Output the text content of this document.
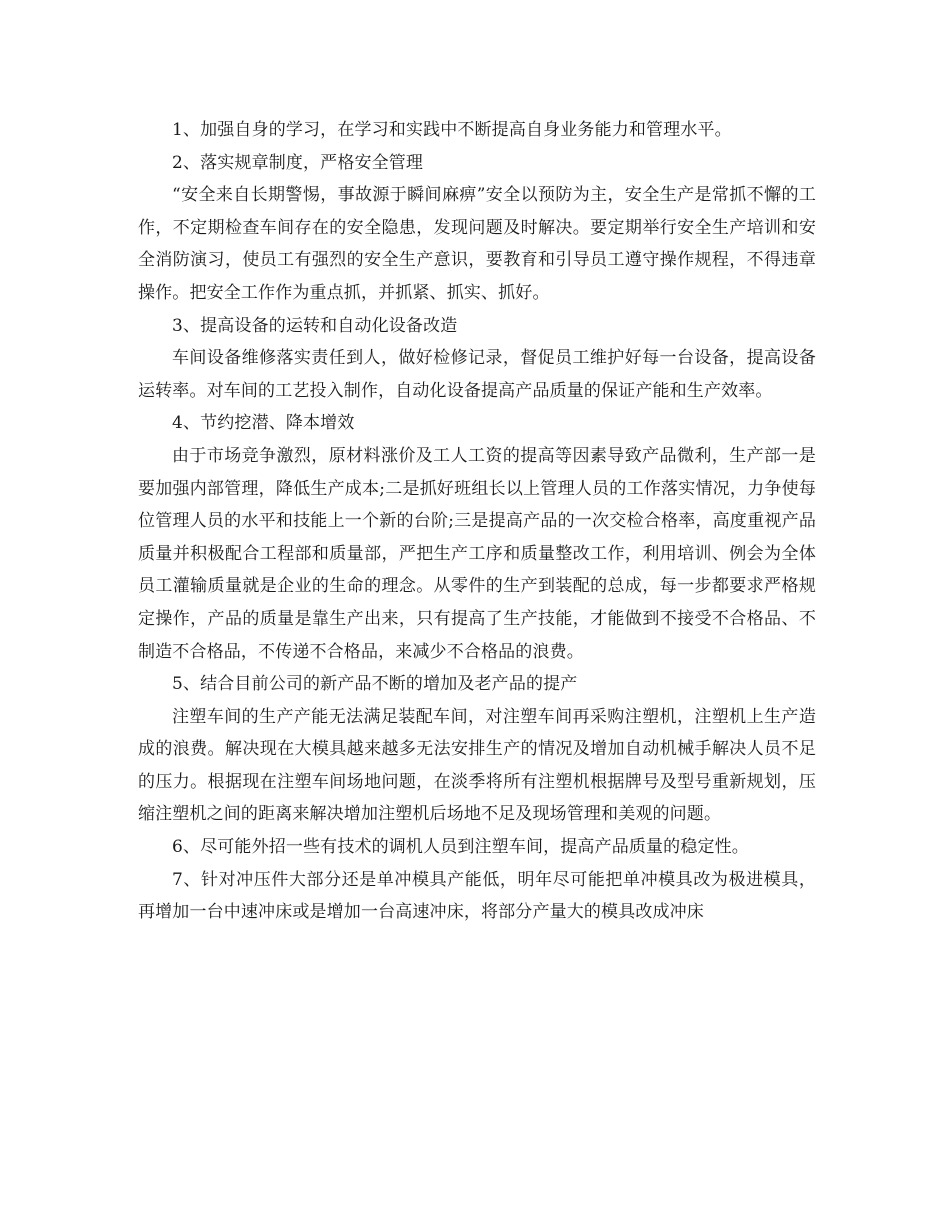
1、加强自身的学习，在学习和实践中不断提高自身业务能力和管理水平。

2、落实规章制度，严格安全管理

“安全来自长期警惕，事故源于瞬间麻痹”安全以预防为主，安全生产是常抓不懈的工作，不定期检查车间存在的安全隐患，发现问题及时解决。要定期举行安全生产培训和安全消防演习，使员工有强烈的安全生产意识，要教育和引导员工遵守操作规程，不得违章操作。把安全工作作为重点抓，并抓紧、抓实、抓好。

3、提高设备的运转和自动化设备改造

车间设备维修落实责任到人，做好检修记录，督促员工维护好每一台设备，提高设备运转率。对车间的工艺投入制作，自动化设备提高产品质量的保证产能和生产效率。

4、节约挖潜、降本增效

由于市场竞争激烈，原材料涨价及工人工资的提高等因素导致产品微利，生产部一是要加强内部管理，降低生产成本;二是抓好班组长以上管理人员的工作落实情况，力争使每位管理人员的水平和技能上一个新的台阶;三是提高产品的一次交检合格率，高度重视产品质量并积极配合工程部和质量部，严把生产工序和质量整改工作，利用培训、例会为全体员工灌输质量就是企业的生命的理念。从零件的生产到装配的总成，每一步都要求严格规定操作，产品的质量是靠生产出来，只有提高了生产技能，才能做到不接受不合格品、不制造不合格品，不传递不合格品，来减少不合格品的浪费。

5、结合目前公司的新产品不断的增加及老产品的提产

注塑车间的生产产能无法满足装配车间，对注塑车间再采购注塑机，注塑机上生产造成的浪费。解决现在大模具越来越多无法安排生产的情况及增加自动机械手解决人员不足的压力。根据现在注塑车间场地问题，在淡季将所有注塑机根据牌号及型号重新规划，压缩注塑机之间的距离来解决增加注塑机后场地不足及现场管理和美观的问题。

6、尽可能外招一些有技术的调机人员到注塑车间，提高产品质量的稳定性。

7、针对冲压件大部分还是单冲模具产能低，明年尽可能把单冲模具改为极进模具，再增加一台中速冲床或是增加一台高速冲床，将部分产量大的模具改成冲床
